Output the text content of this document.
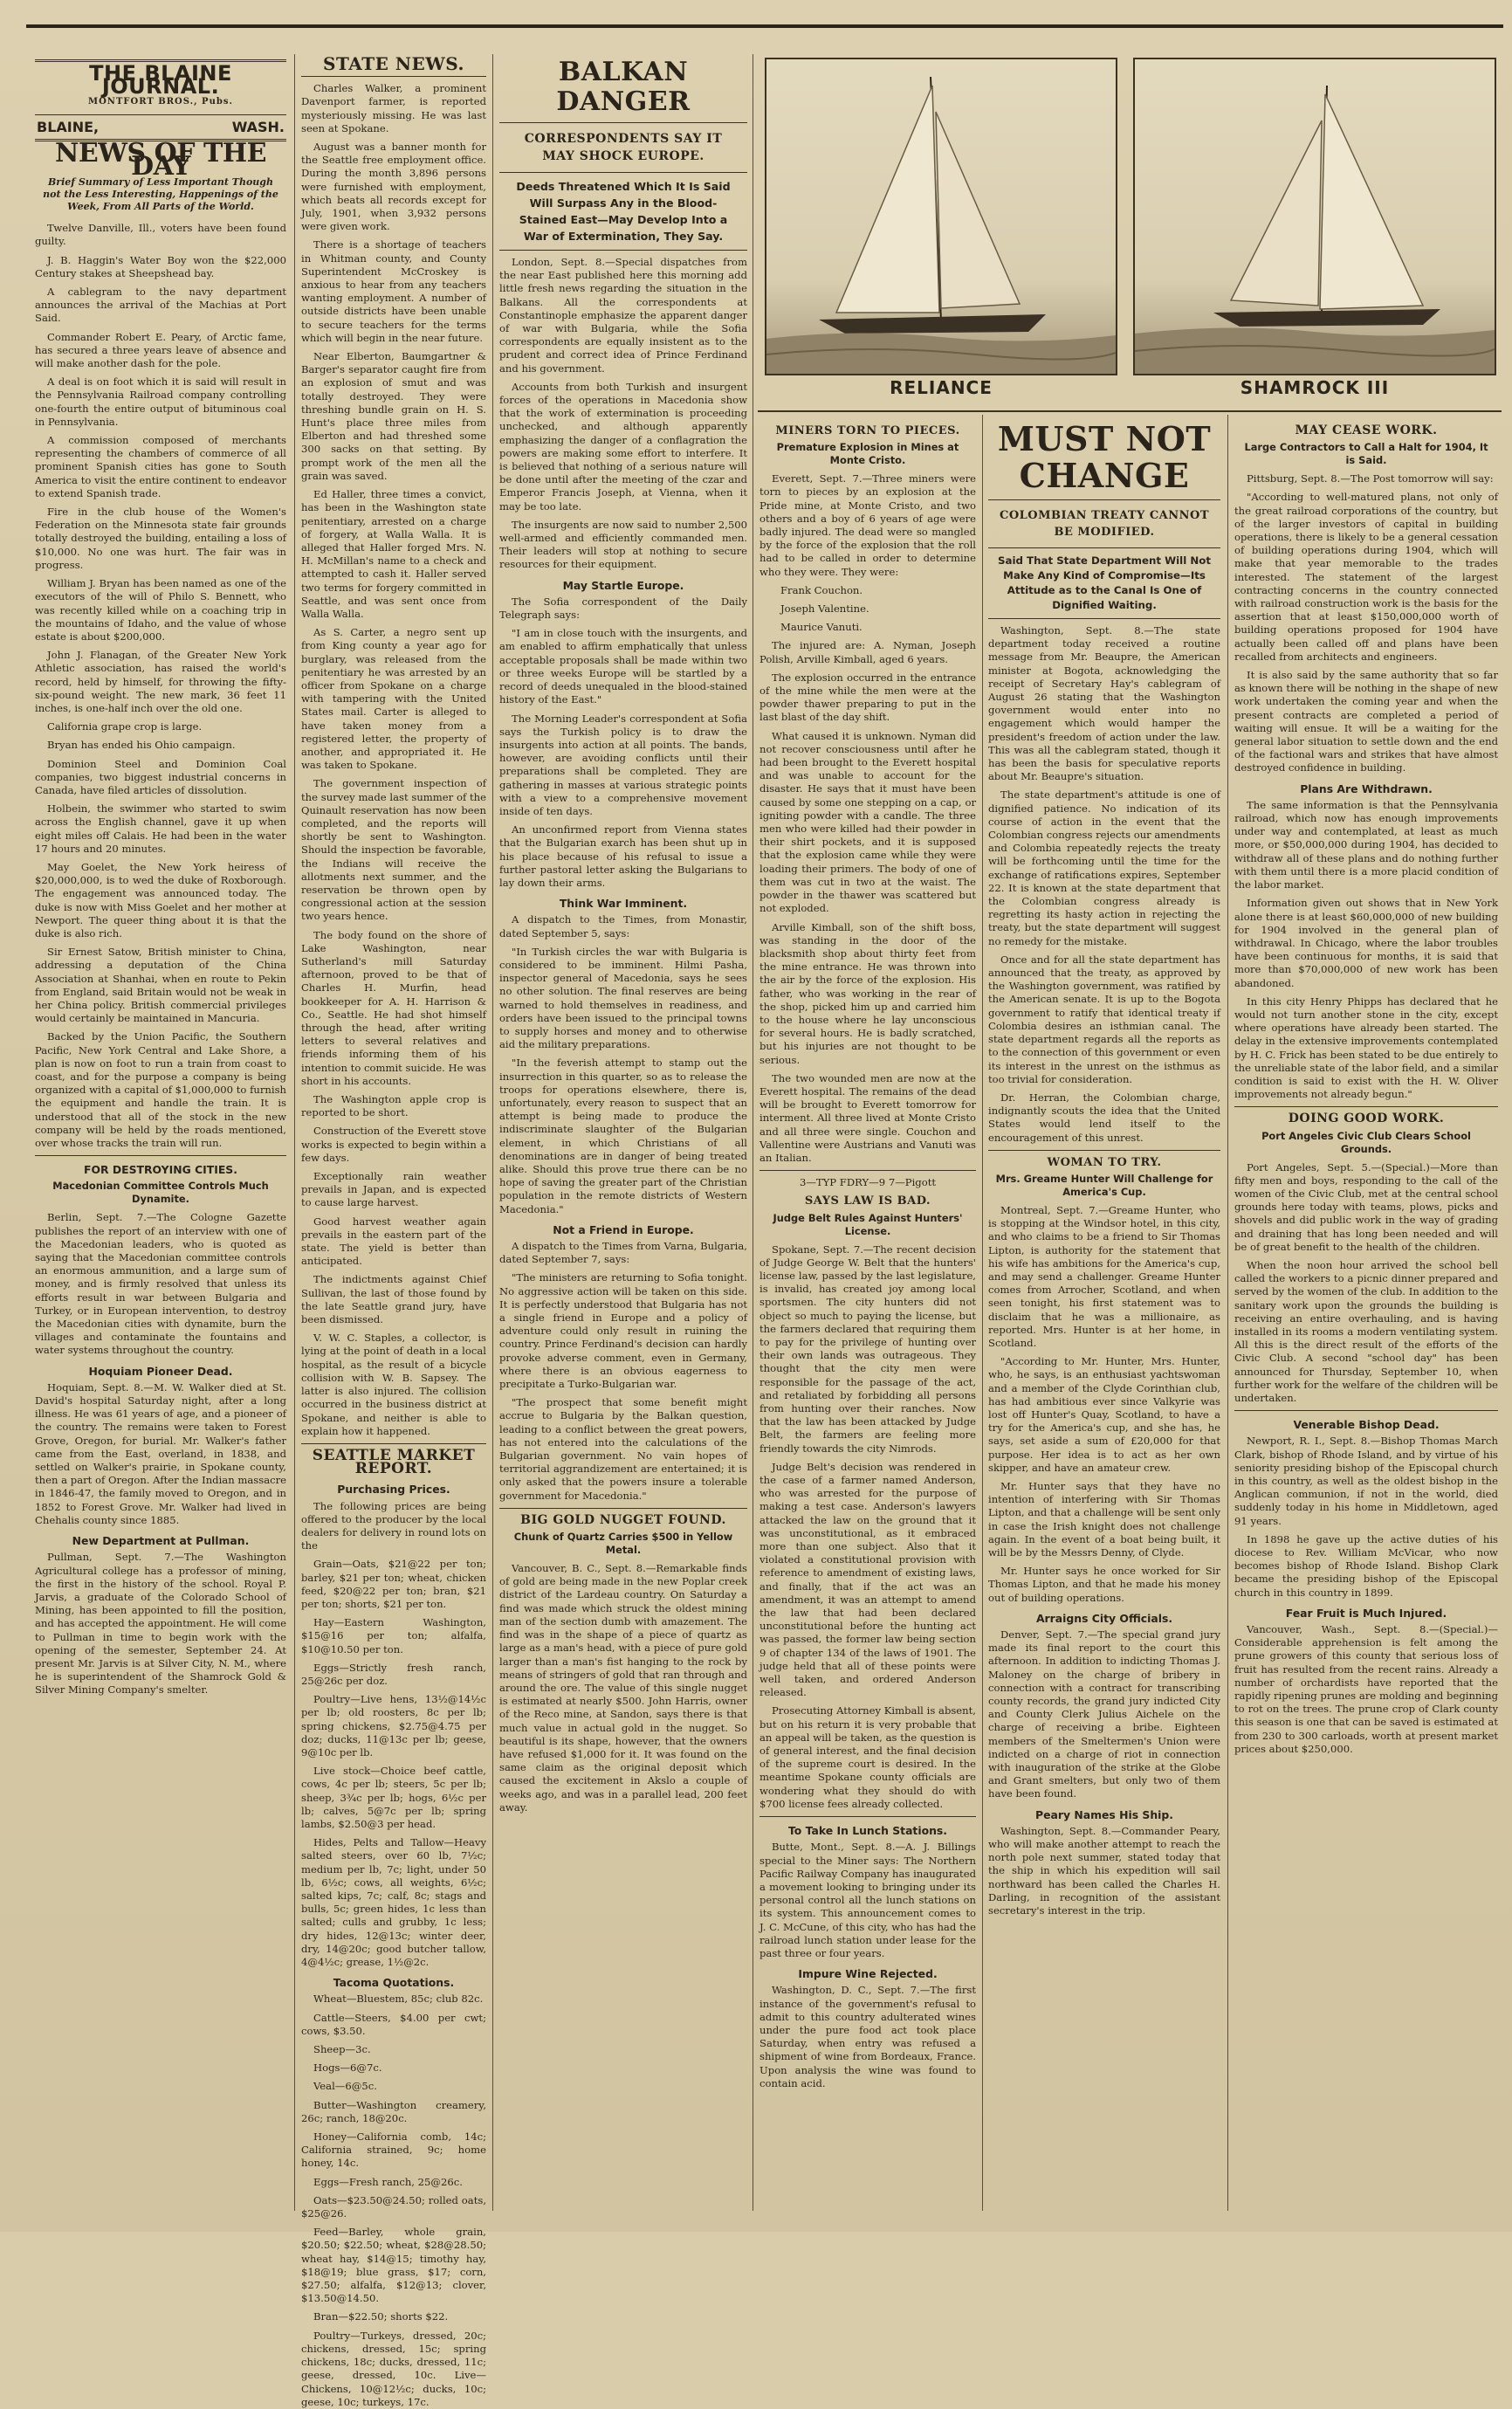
THE BLAINE JOURNAL.
MONTFORT BROS., Pubs.
BLAINE,	WASH.
NEWS OF THE DAY
Brief Summary of Less Important Though not the Less Interesting, Happenings of the Week, From All Parts of the World.

Twelve Danville, Ill., voters have been found guilty.

J. B. Haggin's Water Boy won the $22,000 Century stakes at Sheepshead bay.

A cablegram to the navy department announces the arrival of the Machias at Port Said.

Commander Robert E. Peary, of Arctic fame, has secured a three years leave of absence and will make another dash for the pole.

A deal is on foot which it is said will result in the Pennsylvania Railroad company controlling one-fourth the entire output of bituminous coal in Pennsylvania.

A commission composed of merchants representing the chambers of commerce of all prominent Spanish cities has gone to South America to visit the entire continent to endeavor to extend Spanish trade.

Fire in the club house of the Women's Federation on the Minnesota state fair grounds totally destroyed the building, entailing a loss of $10,000. No one was hurt. The fair was in progress.

William J. Bryan has been named as one of the executors of the will of Philo S. Bennett, who was recently killed while on a coaching trip in the mountains of Idaho, and the value of whose estate is about $200,000.

John J. Flanagan, of the Greater New York Athletic association, has raised the world's record, held by himself, for throwing the fifty-six-pound weight. The new mark, 36 feet 11 inches, is one-half inch over the old one.

California grape crop is large.

Bryan has ended his Ohio campaign.

Dominion Steel and Dominion Coal companies, two biggest industrial concerns in Canada, have filed articles of dissolution.

Holbein, the swimmer who started to swim across the English channel, gave it up when eight miles off Calais. He had been in the water 17 hours and 20 minutes.

May Goelet, the New York heiress of $20,000,000, is to wed the duke of Roxborough. The engagement was announced today. The duke is now with Miss Goelet and her mother at Newport. The queer thing about it is that the duke is also rich.

Sir Ernest Satow, British minister to China, addressing a deputation of the China Association at Shanhai, when en route to Pekin from England, said Britain would not be weak in her China policy. British commercial privileges would certainly be maintained in Mancuria.

Backed by the Union Pacific, the Southern Pacific, New York Central and Lake Shore, a plan is now on foot to run a train from coast to coast, and for the purpose a company is being organized with a capital of $1,000,000 to furnish the equipment and handle the train. It is understood that all of the stock in the new company will be held by the roads mentioned, over whose tracks the train will run.

FOR DESTROYING CITIES.
Macedonian Committee Controls Much Dynamite.

Berlin, Sept. 7.—The Cologne Gazette publishes the report of an interview with one of the Macedonian leaders, who is quoted as saying that the Macedonian committee controls an enormous ammunition, and a large sum of money, and is firmly resolved that unless its efforts result in war between Bulgaria and Turkey, or in European intervention, to destroy the Macedonian cities with dynamite, burn the villages and contaminate the fountains and water systems throughout the country.

Hoquiam Pioneer Dead.

Hoquiam, Sept. 8.—M. W. Walker died at St. David's hospital Saturday night, after a long illness. He was 61 years of age, and a pioneer of the country. The remains were taken to Forest Grove, Oregon, for burial. Mr. Walker's father came from the East, overland, in 1838, and settled on Walker's prairie, in Spokane county, then a part of Oregon. After the Indian massacre in 1846-47, the family moved to Oregon, and in 1852 to Forest Grove. Mr. Walker had lived in Chehalis county since 1885.

New Department at Pullman.

Pullman, Sept. 7.—The Washington Agricultural college has a professor of mining, the first in the history of the school. Royal P. Jarvis, a graduate of the Colorado School of Mining, has been appointed to fill the position, and has accepted the appointment. He will come to Pullman in time to begin work with the opening of the semester, September 24. At present Mr. Jarvis is at Silver City, N. M., where he is superintendent of the Shamrock Gold & Silver Mining Company's smelter.

STATE NEWS.

Charles Walker, a prominent Davenport farmer, is reported mysteriously missing. He was last seen at Spokane.

August was a banner month for the Seattle free employment office. During the month 3,896 persons were furnished with employment, which beats all records except for July, 1901, when 3,932 persons were given work.

There is a shortage of teachers in Whitman county, and County Superintendent McCroskey is anxious to hear from any teachers wanting employment. A number of outside districts have been unable to secure teachers for the terms which will begin in the near future.

Near Elberton, Baumgartner & Barger's separator caught fire from an explosion of smut and was totally destroyed. They were threshing bundle grain on H. S. Hunt's place three miles from Elberton and had threshed some 300 sacks on that setting. By prompt work of the men all the grain was saved.

Ed Haller, three times a convict, has been in the Washington state penitentiary, arrested on a charge of forgery, at Walla Walla. It is alleged that Haller forged Mrs. N. H. McMillan's name to a check and attempted to cash it. Haller served two terms for forgery committed in Seattle, and was sent once from Walla Walla.

As S. Carter, a negro sent up from King county a year ago for burglary, was released from the penitentiary he was arrested by an officer from Spokane on a charge with tampering with the United States mail. Carter is alleged to have taken money from a registered letter, the property of another, and appropriated it. He was taken to Spokane.

The government inspection of the survey made last summer of the Quinault reservation has now been completed, and the reports will shortly be sent to Washington. Should the inspection be favorable, the Indians will receive the allotments next summer, and the reservation be thrown open by congressional action at the session two years hence.

The body found on the shore of Lake Washington, near Sutherland's mill Saturday afternoon, proved to be that of Charles H. Murfin, head bookkeeper for A. H. Harrison & Co., Seattle. He had shot himself through the head, after writing letters to several relatives and friends informing them of his intention to commit suicide. He was short in his accounts.

The Washington apple crop is reported to be short.

Construction of the Everett stove works is expected to begin within a few days.

Exceptionally rain weather prevails in Japan, and is expected to cause large harvest.

Good harvest weather again prevails in the eastern part of the state. The yield is better than anticipated.

The indictments against Chief Sullivan, the last of those found by the late Seattle grand jury, have been dismissed.

V. W. C. Staples, a collector, is lying at the point of death in a local hospital, as the result of a bicycle collision with W. B. Sapsey. The latter is also injured. The collision occurred in the business district at Spokane, and neither is able to explain how it happened.

SEATTLE MARKET REPORT.
Purchasing Prices.

The following prices are being offered to the producer by the local dealers for delivery in round lots on the

Grain—Oats, $21@22 per ton; barley, $21 per ton; wheat, chicken feed, $20@22 per ton; bran, $21 per ton; shorts, $21 per ton.

Hay—Eastern Washington, $15@16 per ton; alfalfa, $10@10.50 per ton.

Eggs—Strictly fresh ranch, 25@26c per doz.

Poultry—Live hens, 13½@14½c per lb; old roosters, 8c per lb; spring chickens, $2.75@4.75 per doz; ducks, 11@13c per lb; geese, 9@10c per lb.

Live stock—Choice beef cattle, cows, 4c per lb; steers, 5c per lb; sheep, 3¾c per lb; hogs, 6½c per lb; calves, 5@7c per lb; spring lambs, $2.50@3 per head.

Hides, Pelts and Tallow—Heavy salted steers, over 60 lb, 7½c; medium per lb, 7c; light, under 50 lb, 6½c; cows, all weights, 6½c; salted kips, 7c; calf, 8c; stags and bulls, 5c; green hides, 1c less than salted; culls and grubby, 1c less; dry hides, 12@13c; winter deer, dry, 14@20c; good butcher tallow, 4@4½c; grease, 1½@2c.

Tacoma Quotations.

Wheat—Bluestem, 85c; club 82c.

Cattle—Steers, $4.00 per cwt; cows, $3.50.

Sheep—3c.

Hogs—6@7c.

Veal—6@5c.

Butter—Washington creamery, 26c; ranch, 18@20c.

Honey—California comb, 14c; California strained, 9c; home honey, 14c.

Eggs—Fresh ranch, 25@26c.

Oats—$23.50@24.50; rolled oats, $25@26.

Feed—Barley, whole grain, $20.50; $22.50; wheat, $28@28.50; wheat hay, $14@15; timothy hay, $18@19; blue grass, $17; corn, $27.50; alfalfa, $12@13; clover, $13.50@14.50.

Bran—$22.50; shorts $22.

Poultry—Turkeys, dressed, 20c; chickens, dressed, 15c; spring chickens, 18c; ducks, dressed, 11c; geese, dressed, 10c. Live—Chickens, 10@12½c; ducks, 10c; geese, 10c; turkeys, 17c.

BALKAN DANGER
CORRESPONDENTS SAY IT MAY SHOCK EUROPE.
Deeds Threatened Which It Is Said Will Surpass Any in the Blood-Stained East—May Develop Into a War of Extermination, They Say.

London, Sept. 8.—Special dispatches from the near East published here this morning add little fresh news regarding the situation in the Balkans. All the correspondents at Constantinople emphasize the apparent danger of war with Bulgaria, while the Sofia correspondents are equally insistent as to the prudent and correct idea of Prince Ferdinand and his government.

Accounts from both Turkish and insurgent forces of the operations in Macedonia show that the work of extermination is proceeding unchecked, and although apparently emphasizing the danger of a conflagration the powers are making some effort to interfere. It is believed that nothing of a serious nature will be done until after the meeting of the czar and Emperor Francis Joseph, at Vienna, when it may be too late.

The insurgents are now said to number 2,500 well-armed and efficiently commanded men. Their leaders will stop at nothing to secure resources for their equipment.

May Startle Europe.

The Sofia correspondent of the Daily Telegraph says:

"I am in close touch with the insurgents, and am enabled to affirm emphatically that unless acceptable proposals shall be made within two or three weeks Europe will be startled by a record of deeds unequaled in the blood-stained history of the East."

The Morning Leader's correspondent at Sofia says the Turkish policy is to draw the insurgents into action at all points. The bands, however, are avoiding conflicts until their preparations shall be completed. They are gathering in masses at various strategic points with a view to a comprehensive movement inside of ten days.

An unconfirmed report from Vienna states that the Bulgarian exarch has been shut up in his place because of his refusal to issue a further pastoral letter asking the Bulgarians to lay down their arms.

Think War Imminent.

A dispatch to the Times, from Monastir, dated September 5, says:

"In Turkish circles the war with Bulgaria is considered to be imminent. Hilmi Pasha, inspector general of Macedonia, says he sees no other solution. The final reserves are being warned to hold themselves in readiness, and orders have been issued to the principal towns to supply horses and money and to otherwise aid the military preparations.

"In the feverish attempt to stamp out the insurrection in this quarter, so as to release the troops for operations elsewhere, there is, unfortunately, every reason to suspect that an attempt is being made to produce the indiscriminate slaughter of the Bulgarian element, in which Christians of all denominations are in danger of being treated alike. Should this prove true there can be no hope of saving the greater part of the Christian population in the remote districts of Western Macedonia."

Not a Friend in Europe.

A dispatch to the Times from Varna, Bulgaria, dated September 7, says:

"The ministers are returning to Sofia tonight. No aggressive action will be taken on this side. It is perfectly understood that Bulgaria has not a single friend in Europe and a policy of adventure could only result in ruining the country. Prince Ferdinand's decision can hardly provoke adverse comment, even in Germany, where there is an obvious eagerness to precipitate a Turko-Bulgarian war.

"The prospect that some benefit might accrue to Bulgaria by the Balkan question, leading to a conflict between the great powers, has not entered into the calculations of the Bulgarian government. No vain hopes of territorial aggrandizement are entertained; it is only asked that the powers insure a tolerable government for Macedonia."

BIG GOLD NUGGET FOUND.
Chunk of Quartz Carries $500 in Yellow Metal.

Vancouver, B. C., Sept. 8.—Remarkable finds of gold are being made in the new Poplar creek district of the Lardeau country. On Saturday a find was made which struck the oldest mining man of the section dumb with amazement. The find was in the shape of a piece of quartz as large as a man's head, with a piece of pure gold larger than a man's fist hanging to the rock by means of stringers of gold that ran through and around the ore. The value of this single nugget is estimated at nearly $500. John Harris, owner of the Reco mine, at Sandon, says there is that much value in actual gold in the nugget. So beautiful is its shape, however, that the owners have refused $1,000 for it. It was found on the same claim as the original deposit which caused the excitement in Akslo a couple of weeks ago, and was in a parallel lead, 200 feet away.

RELIANCE	SHAMROCK III
MINERS TORN TO PIECES.
Premature Explosion in Mines at Monte Cristo.

Everett, Sept. 7.—Three miners were torn to pieces by an explosion at the Pride mine, at Monte Cristo, and two others and a boy of 6 years of age were badly injured. The dead were so mangled by the force of the explosion that the roll had to be called in order to determine who they were. They were:

Frank Couchon.

Joseph Valentine.

Maurice Vanuti.

The injured are: A. Nyman, Joseph Polish, Arville Kimball, aged 6 years.

The explosion occurred in the entrance of the mine while the men were at the powder thawer preparing to put in the last blast of the day shift.

What caused it is unknown. Nyman did not recover consciousness until after he had been brought to the Everett hospital and was unable to account for the disaster. He says that it must have been caused by some one stepping on a cap, or igniting powder with a candle. The three men who were killed had their powder in their shirt pockets, and it is supposed that the explosion came while they were loading their primers. The body of one of them was cut in two at the waist. The powder in the thawer was scattered but not exploded.

Arville Kimball, son of the shift boss, was standing in the door of the blacksmith shop about thirty feet from the mine entrance. He was thrown into the air by the force of the explosion. His father, who was working in the rear of the shop, picked him up and carried him to the house where he lay unconscious for several hours. He is badly scratched, but his injuries are not thought to be serious.

The two wounded men are now at the Everett hospital. The remains of the dead will be brought to Everett tomorrow for interment. All three lived at Monte Cristo and all three were single. Couchon and Vallentine were Austrians and Vanuti was an Italian.

3—TYP FDRY—9 7—Pigott

SAYS LAW IS BAD.
Judge Belt Rules Against Hunters' License.

Spokane, Sept. 7.—The recent decision of Judge George W. Belt that the hunters' license law, passed by the last legislature, is invalid, has created joy among local sportsmen. The city hunters did not object so much to paying the license, but the farmers declared that requiring them to pay for the privilege of hunting over their own lands was outrageous. They thought that the city men were responsible for the passage of the act, and retaliated by forbidding all persons from hunting over their ranches. Now that the law has been attacked by Judge Belt, the farmers are feeling more friendly towards the city Nimrods.

Judge Belt's decision was rendered in the case of a farmer named Anderson, who was arrested for the purpose of making a test case. Anderson's lawyers attacked the law on the ground that it was unconstitutional, as it embraced more than one subject. Also that it violated a constitutional provision with reference to amendment of existing laws, and finally, that if the act was an amendment, it was an attempt to amend the law that had been declared unconstitutional before the hunting act was passed, the former law being section 9 of chapter 134 of the laws of 1901. The judge held that all of these points were well taken, and ordered Anderson released.

Prosecuting Attorney Kimball is absent, but on his return it is very probable that an appeal will be taken, as the question is of general interest, and the final decision of the supreme court is desired. In the meantime Spokane county officials are wondering what they should do with $700 license fees already collected.

To Take In Lunch Stations.

Butte, Mont., Sept. 8.—A. J. Billings special to the Miner says: The Northern Pacific Railway Company has inaugurated a movement looking to bringing under its personal control all the lunch stations on its system. This announcement comes to J. C. McCune, of this city, who has had the railroad lunch station under lease for the past three or four years.

Impure Wine Rejected.

Washington, D. C., Sept. 7.—The first instance of the government's refusal to admit to this country adulterated wines under the pure food act took place Saturday, when entry was refused a shipment of wine from Bordeaux, France. Upon analysis the wine was found to contain acid.

MUST NOT CHANGE
COLOMBIAN TREATY CANNOT BE MODIFIED.
Said That State Department Will Not Make Any Kind of Compromise—Its Attitude as to the Canal Is One of Dignified Waiting.

Washington, Sept. 8.—The state department today received a routine message from Mr. Beaupre, the American minister at Bogota, acknowledging the receipt of Secretary Hay's cablegram of August 26 stating that the Washington government would enter into no engagement which would hamper the president's freedom of action under the law. This was all the cablegram stated, though it has been the basis for speculative reports about Mr. Beaupre's situation.

The state department's attitude is one of dignified patience. No indication of its course of action in the event that the Colombian congress rejects our amendments and Colombia repeatedly rejects the treaty will be forthcoming until the time for the exchange of ratifications expires, September 22. It is known at the state department that the Colombian congress already is regretting its hasty action in rejecting the treaty, but the state department will suggest no remedy for the mistake.

Once and for all the state department has announced that the treaty, as approved by the Washington government, was ratified by the American senate. It is up to the Bogota government to ratify that identical treaty if Colombia desires an isthmian canal. The state department regards all the reports as to the connection of this government or even its interest in the unrest on the isthmus as too trivial for consideration.

Dr. Herran, the Colombian charge, indignantly scouts the idea that the United States would lend itself to the encouragement of this unrest.

WOMAN TO TRY.
Mrs. Greame Hunter Will Challenge for America's Cup.

Montreal, Sept. 7.—Greame Hunter, who is stopping at the Windsor hotel, in this city, and who claims to be a friend to Sir Thomas Lipton, is authority for the statement that his wife has ambitions for the America's cup, and may send a challenger. Greame Hunter comes from Arrocher, Scotland, and when seen tonight, his first statement was to disclaim that he was a millionaire, as reported. Mrs. Hunter is at her home, in Scotland.

"According to Mr. Hunter, Mrs. Hunter, who, he says, is an enthusiast yachtswoman and a member of the Clyde Corinthian club, has had ambitious ever since Valkyrie was lost off Hunter's Quay, Scotland, to have a try for the America's cup, and she has, he says, set aside a sum of £20,000 for that purpose. Her idea is to act as her own skipper, and have an amateur crew.

Mr. Hunter says that they have no intention of interfering with Sir Thomas Lipton, and that a challenge will be sent only in case the Irish knight does not challenge again. In the event of a boat being built, it will be by the Messrs Denny, of Clyde.

Mr. Hunter says he once worked for Sir Thomas Lipton, and that he made his money out of building operations.

Arraigns City Officials.

Denver, Sept. 7.—The special grand jury made its final report to the court this afternoon. In addition to indicting Thomas J. Maloney on the charge of bribery in connection with a contract for transcribing county records, the grand jury indicted City and County Clerk Julius Aichele on the charge of receiving a bribe. Eighteen members of the Smeltermen's Union were indicted on a charge of riot in connection with inauguration of the strike at the Globe and Grant smelters, but only two of them have been found.

Peary Names His Ship.

Washington, Sept. 8.—Commander Peary, who will make another attempt to reach the north pole next summer, stated today that the ship in which his expedition will sail northward has been called the Charles H. Darling, in recognition of the assistant secretary's interest in the trip.

MAY CEASE WORK.
Large Contractors to Call a Halt for 1904, It is Said.

Pittsburg, Sept. 8.—The Post tomorrow will say:

"According to well-matured plans, not only of the great railroad corporations of the country, but of the larger investors of capital in building operations, there is likely to be a general cessation of building operations during 1904, which will make that year memorable to the trades interested. The statement of the largest contracting concerns in the country connected with railroad construction work is the basis for the assertion that at least $150,000,000 worth of building operations proposed for 1904 have actually been called off and plans have been recalled from architects and engineers.

It is also said by the same authority that so far as known there will be nothing in the shape of new work undertaken the coming year and when the present contracts are completed a period of waiting will ensue. It will be a waiting for the general labor situation to settle down and the end of the factional wars and strikes that have almost destroyed confidence in building.

Plans Are Withdrawn.

The same information is that the Pennsylvania railroad, which now has enough improvements under way and contemplated, at least as much more, or $50,000,000 during 1904, has decided to withdraw all of these plans and do nothing further with them until there is a more placid condition of the labor market.

Information given out shows that in New York alone there is at least $60,000,000 of new building for 1904 involved in the general plan of withdrawal. In Chicago, where the labor troubles have been continuous for months, it is said that more than $70,000,000 of new work has been abandoned.

In this city Henry Phipps has declared that he would not turn another stone in the city, except where operations have already been started. The delay in the extensive improvements contemplated by H. C. Frick has been stated to be due entirely to the unreliable state of the labor field, and a similar condition is said to exist with the H. W. Oliver improvements not already begun."

DOING GOOD WORK.
Port Angeles Civic Club Clears School Grounds.

Port Angeles, Sept. 5.—(Special.)—More than fifty men and boys, responding to the call of the women of the Civic Club, met at the central school grounds here today with teams, plows, picks and shovels and did public work in the way of grading and draining that has long been needed and will be of great benefit to the health of the children.

When the noon hour arrived the school bell called the workers to a picnic dinner prepared and served by the women of the club. In addition to the sanitary work upon the grounds the building is receiving an entire overhauling, and is having installed in its rooms a modern ventilating system. All this is the direct result of the efforts of the Civic Club. A second "school day" has been announced for Thursday, September 10, when further work for the welfare of the children will be undertaken.

Venerable Bishop Dead.

Newport, R. I., Sept. 8.—Bishop Thomas March Clark, bishop of Rhode Island, and by virtue of his seniority presiding bishop of the Episcopal church in this country, as well as the oldest bishop in the Anglican communion, if not in the world, died suddenly today in his home in Middletown, aged 91 years.

In 1898 he gave up the active duties of his diocese to Rev. William McVicar, who now becomes bishop of Rhode Island. Bishop Clark became the presiding bishop of the Episcopal church in this country in 1899.

Fear Fruit is Much Injured.

Vancouver, Wash., Sept. 8.—(Special.)—Considerable apprehension is felt among the prune growers of this county that serious loss of fruit has resulted from the recent rains. Already a number of orchardists have reported that the rapidly ripening prunes are molding and beginning to rot on the trees. The prune crop of Clark county this season is one that can be saved is estimated at from 230 to 300 carloads, worth at present market prices about $250,000.
